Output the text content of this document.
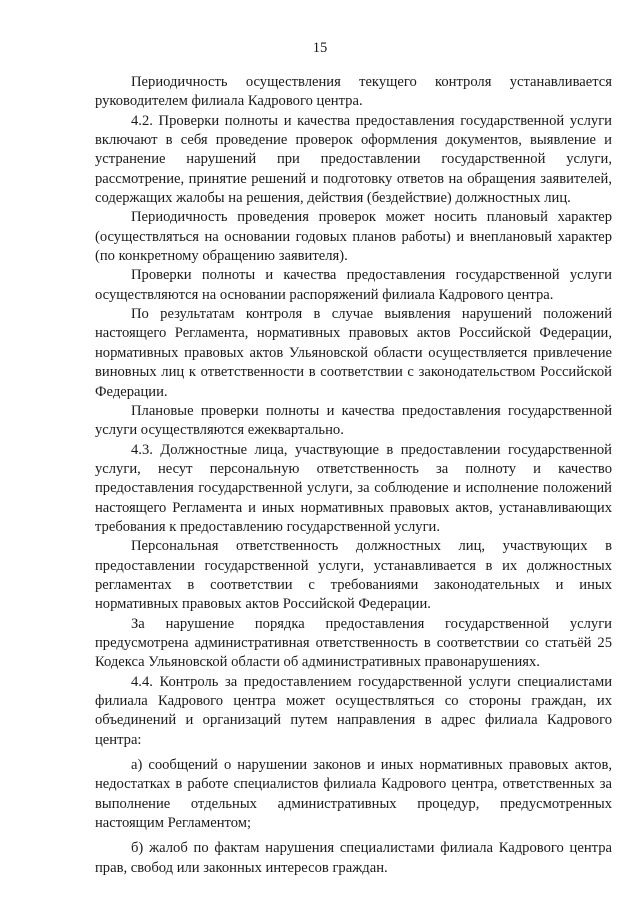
15

Периодичность осуществления текущего контроля устанавливается руководителем филиала Кадрового центра.

4.2. Проверки полноты и качества предоставления государственной услуги включают в себя проведение проверок оформления документов, выявление и устранение нарушений при предоставлении государственной услуги, рассмотрение, принятие решений и подготовку ответов на обращения заявителей, содержащих жалобы на решения, действия (бездействие) должностных лиц.

Периодичность проведения проверок может носить плановый характер (осуществляться на основании годовых планов работы) и внеплановый характер (по конкретному обращению заявителя).

Проверки полноты и качества предоставления государственной услуги осуществляются на основании распоряжений филиала Кадрового центра.

По результатам контроля в случае выявления нарушений положений настоящего Регламента, нормативных правовых актов Российской Федерации, нормативных правовых актов Ульяновской области осуществляется привлечение виновных лиц к ответственности в соответствии с законодательством Российской Федерации.

Плановые проверки полноты и качества предоставления государственной услуги осуществляются ежеквартально.

4.3. Должностные лица, участвующие в предоставлении государственной услуги, несут персональную ответственность за полноту и качество предоставления государственной услуги, за соблюдение и исполнение положений настоящего Регламента и иных нормативных правовых актов, устанавливающих требования к предоставлению государственной услуги.

Персональная ответственность должностных лиц, участвующих в предоставлении государственной услуги, устанавливается в их должностных регламентах в соответствии с требованиями законодательных и иных нормативных правовых актов Российской Федерации.

За нарушение порядка предоставления государственной услуги предусмотрена административная ответственность в соответствии со статьёй 25 Кодекса Ульяновской области об административных правонарушениях.

4.4. Контроль за предоставлением государственной услуги специалистами филиала Кадрового центра может осуществляться со стороны граждан, их объединений и организаций путем направления в адрес филиала Кадрового центра:

а) сообщений о нарушении законов и иных нормативных правовых актов, недостатках в работе специалистов филиала Кадрового центра, ответственных за выполнение отдельных административных процедур, предусмотренных настоящим Регламентом;

б) жалоб по фактам нарушения специалистами филиала Кадрового центра прав, свобод или законных интересов граждан.
